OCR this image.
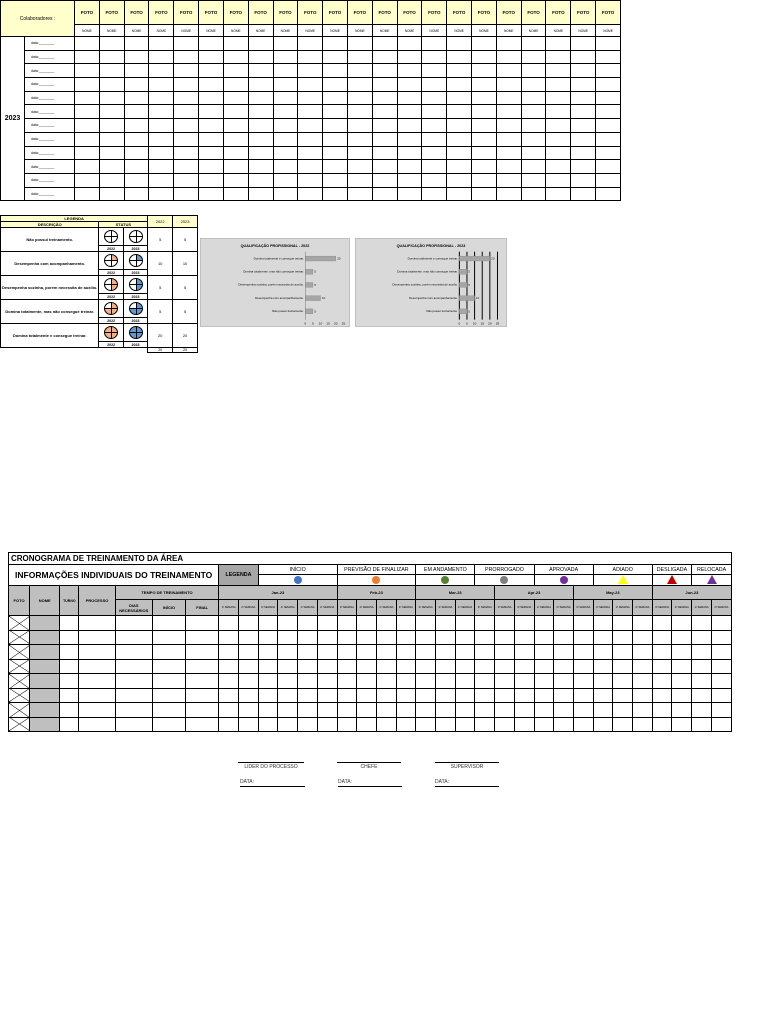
Colaboradores :		FOTO	FOTO	FOTO	FOTO	FOTO	FOTO	FOTO	FOTO	FOTO	FOTO	FOTO	FOTO	FOTO	FOTO	FOTO	FOTO	FOTO	FOTO	FOTO	FOTO	FOTO	FOTO
		NOME	NOME	NOME	NOME	NOME	NOME	NOME	NOME	NOME	NOME	NOME	NOME	NOME	NOME	NOME	NOME	NOME	NOME	NOME	NOME	NOME	NOME
2023	data:________																						
	data:________																						
	data:________																						
	data:________																						
	data:________																						
	data:________																						
	data:________																						
	data:________																						
	data:________																						
	data:________																						
	data:________																						
	data:________																						
LEGENDA			2022	2023
DESCRIÇÃO	STATUS			
Não possui treinamento.			5	5
	2022	2023		
Desempenha com acompanhamento.			10	10
	2022	2023		
Desempenha sozinha, porém necessita de auxílio.			5	5
	2022	2023		
Domina totalmente, mas não consegue treinar.			5	5
	2022	2023		
Domina totalmente e consegue treinar.			20	20
	2022	2023		
			20	20
QUALIFICAÇÃO PROFISSIONAL - 2022
0 5 10 15 20 25
Domina totalmente e consegue treinar.	20
Domina totalmente, mas não consegue treinar.	5
Desempenha sozinha, porém necessita de auxílio.	5
Desempenha com acompanhamento.	10
Não possui treinamento.	5
QUALIFICAÇÃO PROFISSIONAL - 2023
0 5 10 15 20 25
Domina totalmente e consegue treinar.	20
Domina totalmente, mas não consegue treinar.	5
Desempenha sozinha, porém necessita de auxílio.	5
Desempenha com acompanhamento.	10
Não possui treinamento.	5
CRONOGRAMA DE TREINAMENTO DA ÁREA																																
INFORMAÇÕES INDIVIDUAIS DO TREINAMENTO							LEGENDA		INÍCIO				PREVISÃO DE FINALIZAR				EM ANDAMENTO			PRORROGADO			APROVADA			ADIADO			DESLIGADA		RELOCADA	

FOTO	NOME	TURNO	PROCESSO	TEMPO DE TREINAMENTO			Jan-23						Feb-23				Mar-23				Apr-23				May-23				Jun-23			
				DIAS NECESSÁRIOS	INÍCIO	FINAL	1ª SEMANA	2ª SEMANA	3ª SEMANA	4ª SEMANA	1ª SEMANA	2ª SEMANA	3ª SEMANA	4ª SEMANA	1ª SEMANA	2ª SEMANA	3ª SEMANA	4ª SEMANA	1ª SEMANA	2ª SEMANA	3ª SEMANA	4ª SEMANA	1ª SEMANA	2ª SEMANA	3ª SEMANA	4ª SEMANA	1ª SEMANA	2ª SEMANA	3ª SEMANA	4ª SEMANA	1ª SEMANA	2ª SEMANA

LIDER DO PROCESSO	CHEFE	SUPERVISOR
DATA:	DATA:	DATA:
